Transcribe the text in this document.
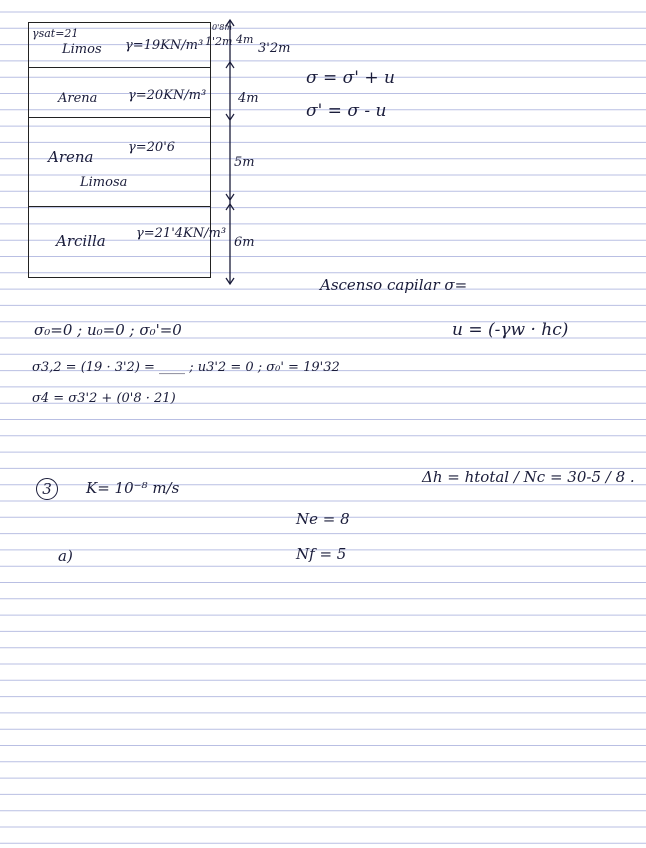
γsat=21
Limos γ=19KN/m³ 1'2m
0'8m
4m
3'2m
Arena γ=20KN/m³ 4m
Arena
Limosa
γ=20'6
5m
Arcilla γ=21'4KN/m³
6m
σ = σ' + u
σ' = σ - u
Ascenso capilar σ=
u = (-γw · hc)
σ₀=0 ; u₀=0 ; σ₀'=0
σ3,2 = (19 · 3'2) = ____ ; u3'2 = 0 ; σ₀' = 19'32
σ4 = σ3'2 + (0'8 · 21)
3	K= 10⁻⁸ m/s
Δh = htotal / Nc = 30-5 / 8 .
Ne = 8
Nf = 5
a)
